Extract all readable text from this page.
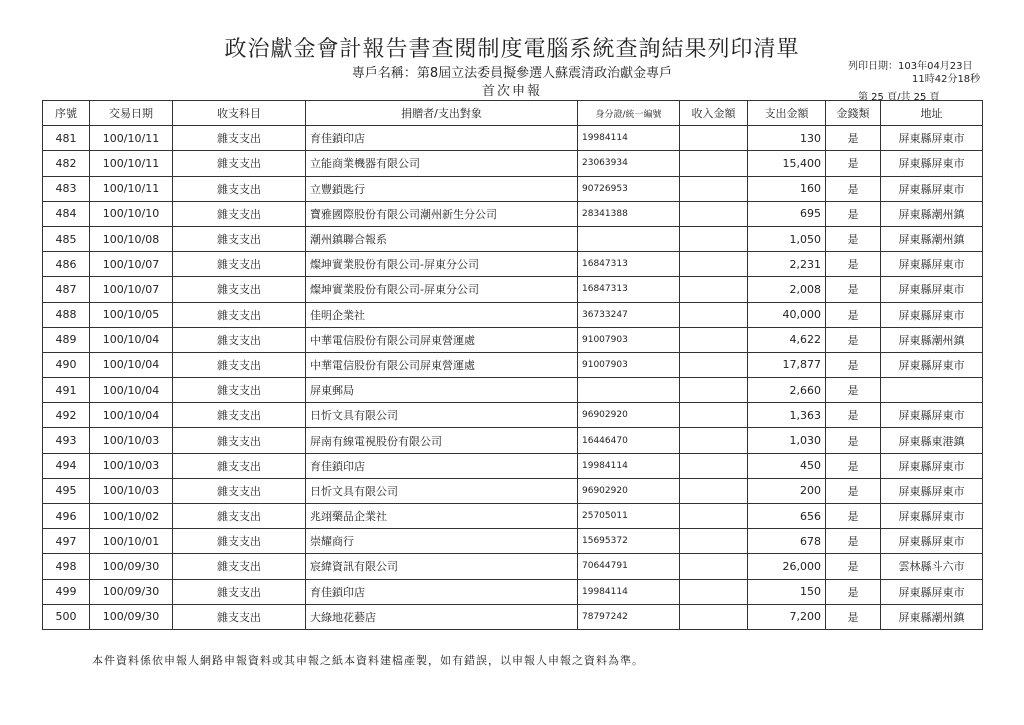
政治獻金會計報告書查閱制度電腦系統查詢結果列印清單
專戶名稱：第8屆立法委員擬參選人蘇震清政治獻金專戶
首次申報
列印日期：103年04月23日
11時42分18秒
第 25 頁/共 25 頁
序號	交易日期	收支科目	捐贈者/支出對象	身分證/統一編號	收入金額	支出金額	金錢類	地址
481	100/10/11	雜支支出	育佳鎖印店	19984114		130	是	屏東縣屏東市
482	100/10/11	雜支支出	立能商業機器有限公司	23063934		15,400	是	屏東縣屏東市
483	100/10/11	雜支支出	立豐鎖匙行	90726953		160	是	屏東縣屏東市
484	100/10/10	雜支支出	寶雅國際股份有限公司潮州新生分公司	28341388		695	是	屏東縣潮州鎮
485	100/10/08	雜支支出	潮州鎮聯合報系			1,050	是	屏東縣潮州鎮
486	100/10/07	雜支支出	燦坤實業股份有限公司-屏東分公司	16847313		2,231	是	屏東縣屏東市
487	100/10/07	雜支支出	燦坤實業股份有限公司-屏東分公司	16847313		2,008	是	屏東縣屏東市
488	100/10/05	雜支支出	佳明企業社	36733247		40,000	是	屏東縣屏東市
489	100/10/04	雜支支出	中華電信股份有限公司屏東營運處	91007903		4,622	是	屏東縣潮州鎮
490	100/10/04	雜支支出	中華電信股份有限公司屏東營運處	91007903		17,877	是	屏東縣屏東市
491	100/10/04	雜支支出	屏東郵局			2,660	是	
492	100/10/04	雜支支出	日忻文具有限公司	96902920		1,363	是	屏東縣屏東市
493	100/10/03	雜支支出	屏南有線電視股份有限公司	16446470		1,030	是	屏東縣東港鎮
494	100/10/03	雜支支出	育佳鎖印店	19984114		450	是	屏東縣屏東市
495	100/10/03	雜支支出	日忻文具有限公司	96902920		200	是	屏東縣屏東市
496	100/10/02	雜支支出	兆翊藥品企業社	25705011		656	是	屏東縣屏東市
497	100/10/01	雜支支出	崇耀商行	15695372		678	是	屏東縣屏東市
498	100/09/30	雜支支出	宸緯資訊有限公司	70644791		26,000	是	雲林縣斗六市
499	100/09/30	雜支支出	育佳鎖印店	19984114		150	是	屏東縣屏東市
500	100/09/30	雜支支出	大綠地花藝店	78797242		7,200	是	屏東縣潮州鎮
本件資料係依申報人網路申報資料或其申報之紙本資料建檔產製，如有錯誤，以申報人申報之資料為準。
